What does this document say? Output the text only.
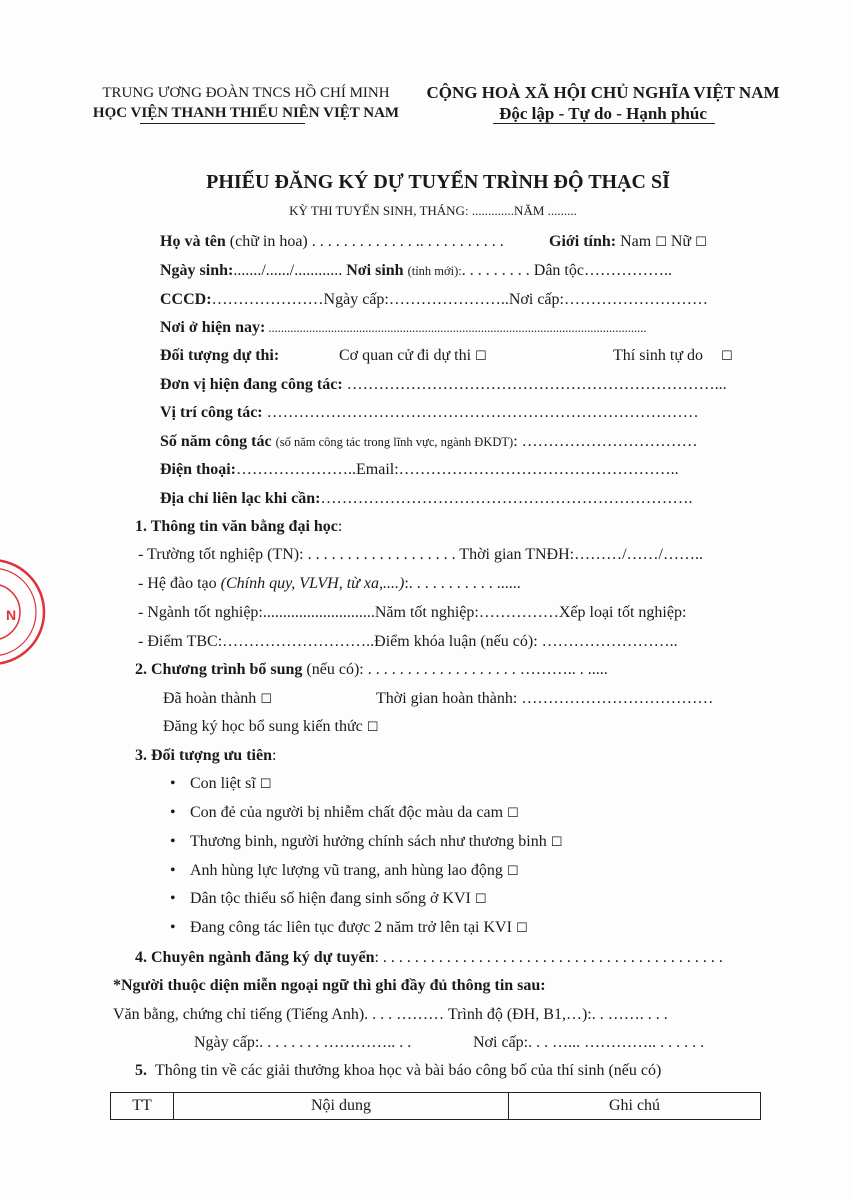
N
TRUNG ƯƠNG ĐOÀN TNCS HỒ CHÍ MINH
HỌC VIỆN THANH THIẾU NIÊN VIỆT NAM
CỘNG HOÀ XÃ HỘI CHỦ NGHĨA VIỆT NAM
Độc lập - Tự do - Hạnh phúc
PHIẾU ĐĂNG KÝ DỰ TUYỂN TRÌNH ĐỘ THẠC SĨ
KỲ THI TUYỂN SINH, THÁNG: .............NĂM .........
Họ và tên (chữ in hoa) . . . . . . . . . . . . . .. . . . . . . . . . .	Giới tính: Nam ☐ Nữ ☐
Ngày sinh:......./....../............ Nơi sinh (tỉnh mới):. . . . . . . . . Dân tộc……………..
CCCD:…………………Ngày cấp:…………………..Nơi cấp:………………………
Nơi ở hiện nay: .........................................................................................................................
Đối tượng dự thi:	Cơ quan cử đi dự thi ☐	Thí sinh tự do ☐
Đơn vị hiện đang công tác: ……………………………………………………………...
Vị trí công tác: ………………………………………………………………………
Số năm công tác (số năm công tác trong lĩnh vực, ngành ĐKDT): ……………………………
Điện thoại:…………………..Email:……………………………………………..
Địa chỉ liên lạc khi cần:…………………………………………………………….
1. Thông tin văn bằng đại học:
- Trường tốt nghiệp (TN): . . . . . . . . . . . . . . . . . . . Thời gian TNĐH:………/……/……..
- Hệ đào tạo (Chính quy, VLVH, từ xa,....):. . . . . . . . . . . ......
- Ngành tốt nghiệp:............................Năm tốt nghiệp:……………Xếp loại tốt nghiệp:
- Điểm TBC:………………………..Điểm khóa luận (nếu có): ……………………..
2. Chương trình bổ sung (nếu có): . . . . . . . . . . . . . . . . . . . ……….. . .....
Đã hoàn thành ☐	Thời gian hoàn thành: ………………………………
Đăng ký học bổ sung kiến thức ☐
3. Đối tượng ưu tiên:
• Con liệt sĩ ☐
• Con đẻ của người bị nhiễm chất độc màu da cam ☐
• Thương binh, người hưởng chính sách như thương binh ☐
• Anh hùng lực lượng vũ trang, anh hùng lao động ☐
• Dân tộc thiểu số hiện đang sinh sống ở KVI ☐
• Đang công tác liên tục được 2 năm trở lên tại KVI ☐
4. Chuyên ngành đăng ký dự tuyển: . . . . . . . . . . . . . . . . . . . . . . . . . . . . . . . . . . . . . . . . . . .
*Người thuộc diện miễn ngoại ngữ thì ghi đầy đủ thông tin sau:
Văn bằng, chứng chỉ tiếng (Tiếng Anh). . . . ……… Trình độ (ĐH, B1,…):. . ……. . . .
Ngày cấp:. . . . . . . . ………….. . .	Nơi cấp:. . . …... ………….. . . . . . .
5. Thông tin về các giải thưởng khoa học và bài báo công bố của thí sinh (nếu có)
TT	Nội dung	Ghi chú
